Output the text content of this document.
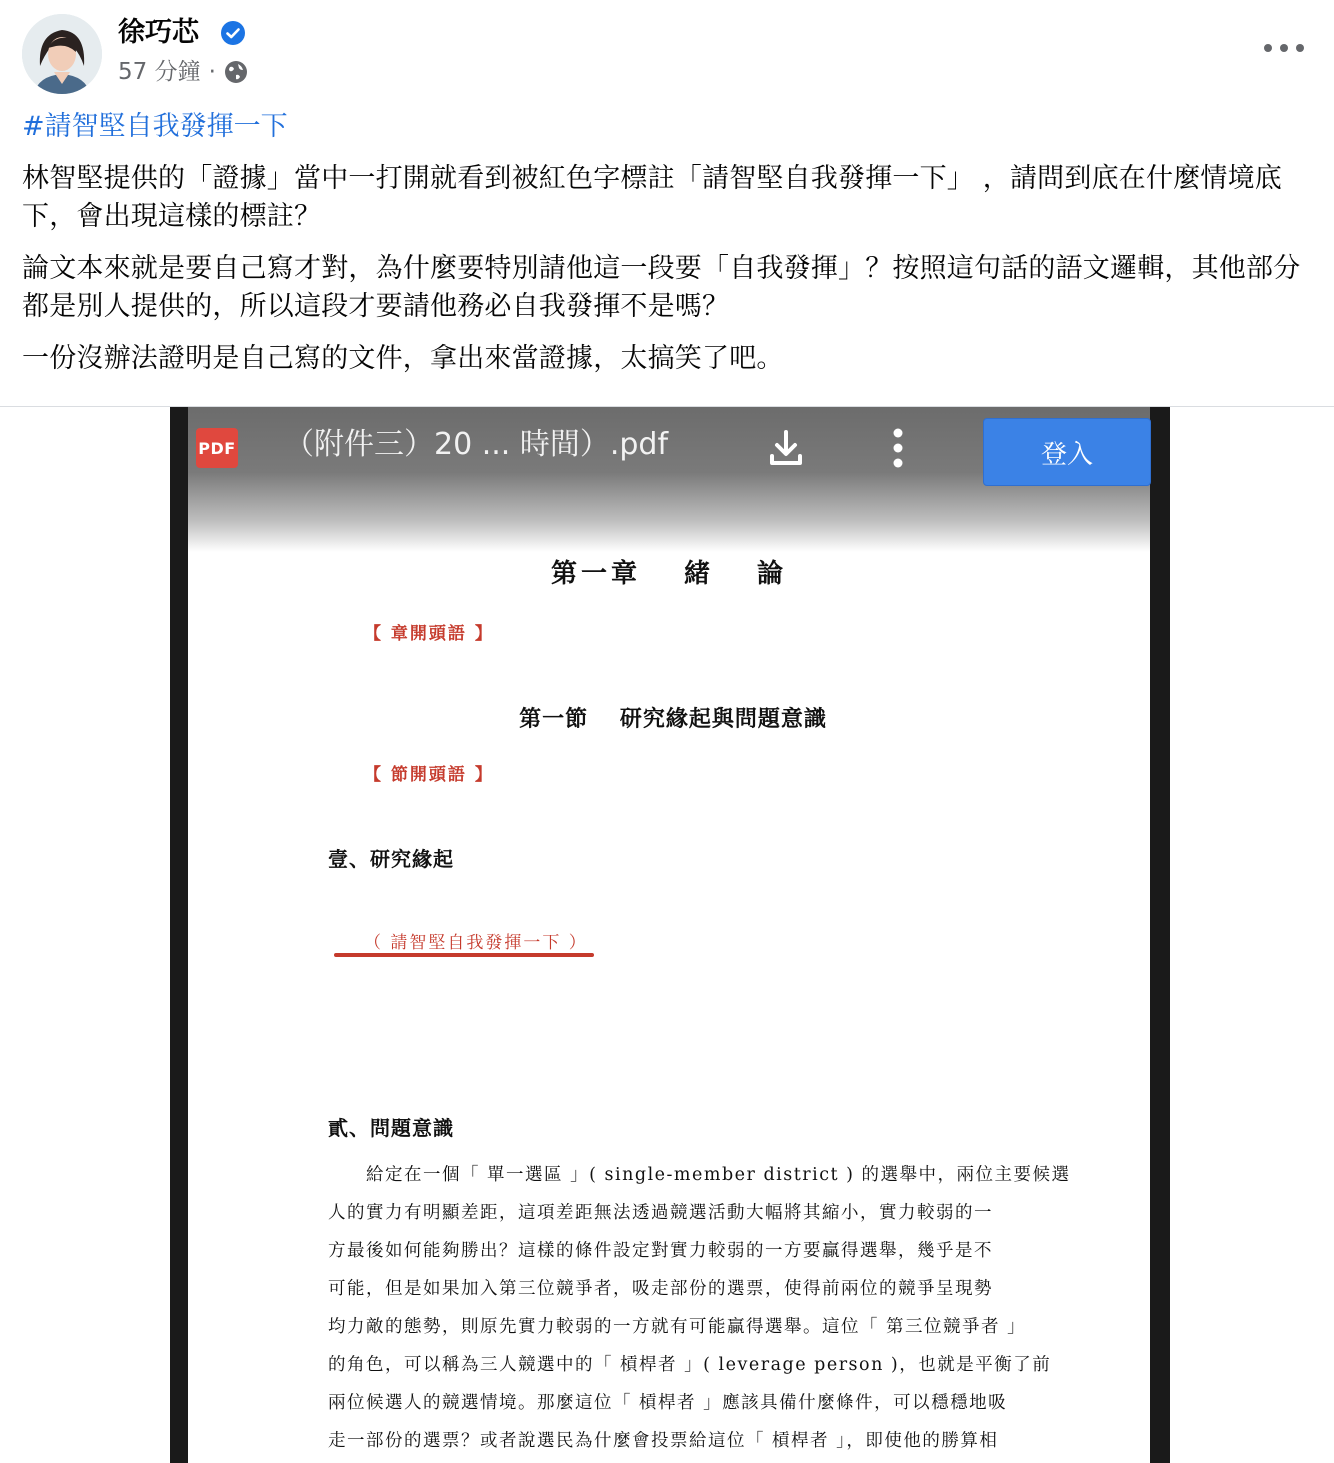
徐巧芯
57 分鐘 ·
#請智堅自我發揮一下

林智堅提供的「證據」當中一打開就看到被紅色字標註「請智堅自我發揮一下」 ，請問到底在什麼情境底下，會出現這樣的標註？

論文本來就是要自己寫才對，為什麼要特別請他這一段要「自我發揮」？按照這句話的語文邏輯，其他部分都是別人提供的，所以這段才要請他務必自我發揮不是嗎？

一份沒辦法證明是自己寫的文件，拿出來當證據，太搞笑了吧。

PDF （附件三）20 ... 時間）.pdf	登入
第一章　 緒　 論
【 章開頭語 】
第一節　 研究緣起與問題意識
【 節開頭語 】
壹、研究緣起
（ 請智堅自我發揮一下 ）
貳、問題意識
　　給定在一個「 單一選區 」( single-member district ) 的選舉中，兩位主要候選
人的實力有明顯差距，這項差距無法透過競選活動大幅將其縮小，實力較弱的一
方最後如何能夠勝出？這樣的條件設定對實力較弱的一方要贏得選舉，幾乎是不
可能，但是如果加入第三位競爭者，吸走部份的選票，使得前兩位的競爭呈現勢
均力敵的態勢，則原先實力較弱的一方就有可能贏得選舉。這位「 第三位競爭者 」
的角色，可以稱為三人競選中的「 槓桿者 」( leverage person )，也就是平衡了前
兩位候選人的競選情境。那麼這位「 槓桿者 」應該具備什麼條件，可以穩穩地吸
走一部份的選票？或者說選民為什麼會投票給這位「 槓桿者 」，即使他的勝算相
